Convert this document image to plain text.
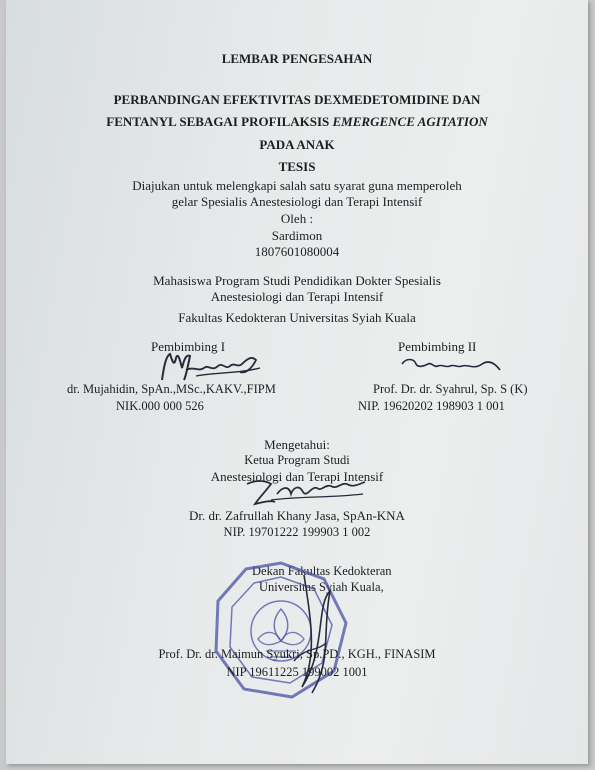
LEMBAR PENGESAHAN
PERBANDINGAN EFEKTIVITAS DEXMEDETOMIDINE DAN
FENTANYL SEBAGAI PROFILAKSIS EMERGENCE AGITATION
PADA ANAK
TESIS
Diajukan untuk melengkapi salah satu syarat guna memperoleh
gelar Spesialis Anestesiologi dan Terapi Intensif
Oleh :
Sardimon
1807601080004
Mahasiswa Program Studi Pendidikan Dokter Spesialis
Anestesiologi dan Terapi Intensif
Fakultas Kedokteran Universitas Syiah Kuala
Pembimbing I
dr. Mujahidin, SpAn.,MSc.,KAKV.,FIPM
NIK.000 000 526
Pembimbing II
Prof. Dr. dr. Syahrul, Sp. S (K)
NIP. 19620202 198903 1 001
Mengetahui:
Ketua Program Studi
Anestesiologi dan Terapi Intensif
Dr. dr. Zafrullah Khany Jasa, SpAn-KNA
NIP. 19701222 199903 1 002
Dekan Fakultas Kedokteran
Universitas Syiah Kuala,
Prof. Dr. dr. Maimun Syukri, Sp.PD., KGH., FINASIM
NIP 19611225 199002 1001
